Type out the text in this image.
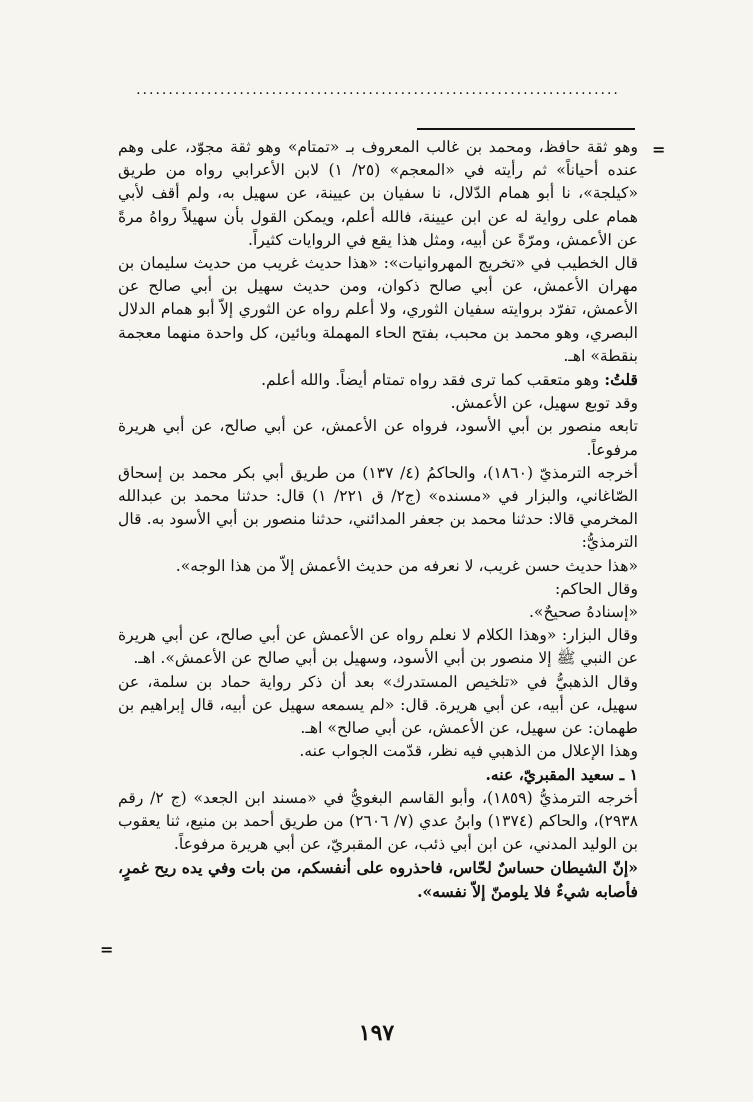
...........................................................................
=

وهو ثقة حافظ، ومحمد بن غالب المعروف بـ «تمتام» وهو ثقة مجوّد، على وهم عنده أحياناً» ثم رأيته في «المعجم» (٢٥/ ١) لابن الأعرابي رواه من طريق «كيلجة»، نا أبو همام الدّلال، نا سفيان بن عيينة، عن سهيل به، ولم أقف لأبي همام على رواية له عن ابن عيينة، فالله أعلم، ويمكن القول بأن سهيلاً رواهُ مرةً عن الأعمش، ومرّةً عن أبيه، ومثل هذا يقع في الروايات كثيراً.

قال الخطيب في «تخريج المهروانيات»: «هذا حديث غريب من حديث سليمان بن مهران الأعمش، عن أبي صالح ذكوان، ومن حديث سهيل بن أبي صالح عن الأعمش، تفرّد بروايته سفيان الثوري، ولا أعلم رواه عن الثوري إلاّ أبو همام الدلال البصري، وهو محمد بن محبب، بفتح الحاء المهملة وبائين، كل واحدة منهما معجمة بنقطة» اهـ.

قلتُ: وهو متعقب كما ترى فقد رواه تمتام أيضاً. والله أعلم.

وقد توبع سهيل، عن الأعمش.

تابعه منصور بن أبي الأسود، فرواه عن الأعمش، عن أبي صالح، عن أبي هريرة مرفوعاً.

أخرجه الترمذيّ (١٨٦٠)، والحاكمُ (٤/ ١٣٧) من طريق أبي بكر محمد بن إسحاق الصّاغاني، والبزار في «مسنده» (ج٢/ ق ٢٢١/ ١) قال: حدثنا محمد بن عبدالله المخرمي قالا: حدثنا محمد بن جعفر المدائني، حدثنا منصور بن أبي الأسود به. قال الترمذيُّ:

«هذا حديث حسن غريب، لا نعرفه من حديث الأعمش إلاّ من هذا الوجه».

وقال الحاكم:

«إسنادهُ صحيحٌ».

وقال البزار: «وهذا الكلام لا نعلم رواه عن الأعمش عن أبي صالح، عن أبي هريرة عن النبي ﷺ إلا منصور بن أبي الأسود، وسهيل بن أبي صالح عن الأعمش». اهـ.

وقال الذهبيُّ في «تلخيص المستدرك» بعد أن ذكر رواية حماد بن سلمة، عن سهيل، عن أبيه، عن أبي هريرة. قال: «لم يسمعه سهيل عن أبيه، قال إبراهيم بن طهمان: عن سهيل، عن الأعمش، عن أبي صالح» اهـ.

وهذا الإعلال من الذهبي فيه نظر، قدّمت الجواب عنه.

١ ـ سعيد المقبريّ، عنه.

أخرجه الترمذيُّ (١٨٥٩)، وأبو القاسم البغويُّ في «مسند ابن الجعد» (ج ٢/ رقم ٢٩٣٨)، والحاكم (١٣٧٤) وابنُ عدي (٧/ ٢٦٠٦) من طريق أحمد بن منيع، ثنا يعقوب بن الوليد المدني، عن ابن أبي ذئب، عن المقبريّ، عن أبي هريرة مرفوعاً.

«إنّ الشيطان حساسٌ لحّاس، فاحذروه على أنفسكم، من بات وفي يده ريح غمرٍ، فأصابه شيءٌ فلا يلومنّ إلاّ نفسه».

=
١٩٧
